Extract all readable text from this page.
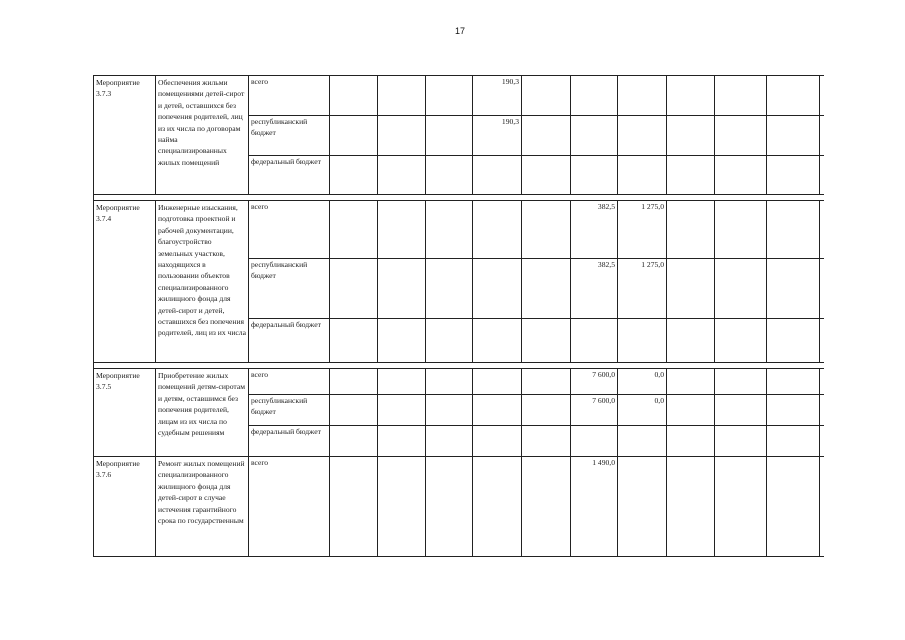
17
Мероприятие 3.7.3	Обеспечения жильми помещениями детей-сирот и детей, оставшихся без попечения родителей, лиц из их числа по договорам найма специализированных жилых помещений	всего				190,3							
		республиканский бюджет				190,3							
		федеральный бюджет											

Мероприятие 3.7.4	Инженерные изыскания, подготовка проектной и рабочей документации, благоустройство земельных участков, находящихся в пользовании объектов специализированного жилищного фонда для детей-сирот и детей, оставшихся без попечения родителей, лиц из их числа	всего						382,5	1 275,0				
		республиканский бюджет						382,5	1 275,0				
		федеральный бюджет											

Мероприятие 3.7.5	Приобретение жилых помещений детям-сиротам и детям, оставшимся без попечения родителей, лицам из их числа по судебным решениям	всего						7 600,0	0,0				
		республиканский бюджет						7 600,0	0,0				
		федеральный бюджет											
Мероприятие 3.7.6	Ремонт жилых помещений специализированного жилищного фонда для детей-сирот в случае истечения гарантийного срока по государственным	всего						1 490,0					
